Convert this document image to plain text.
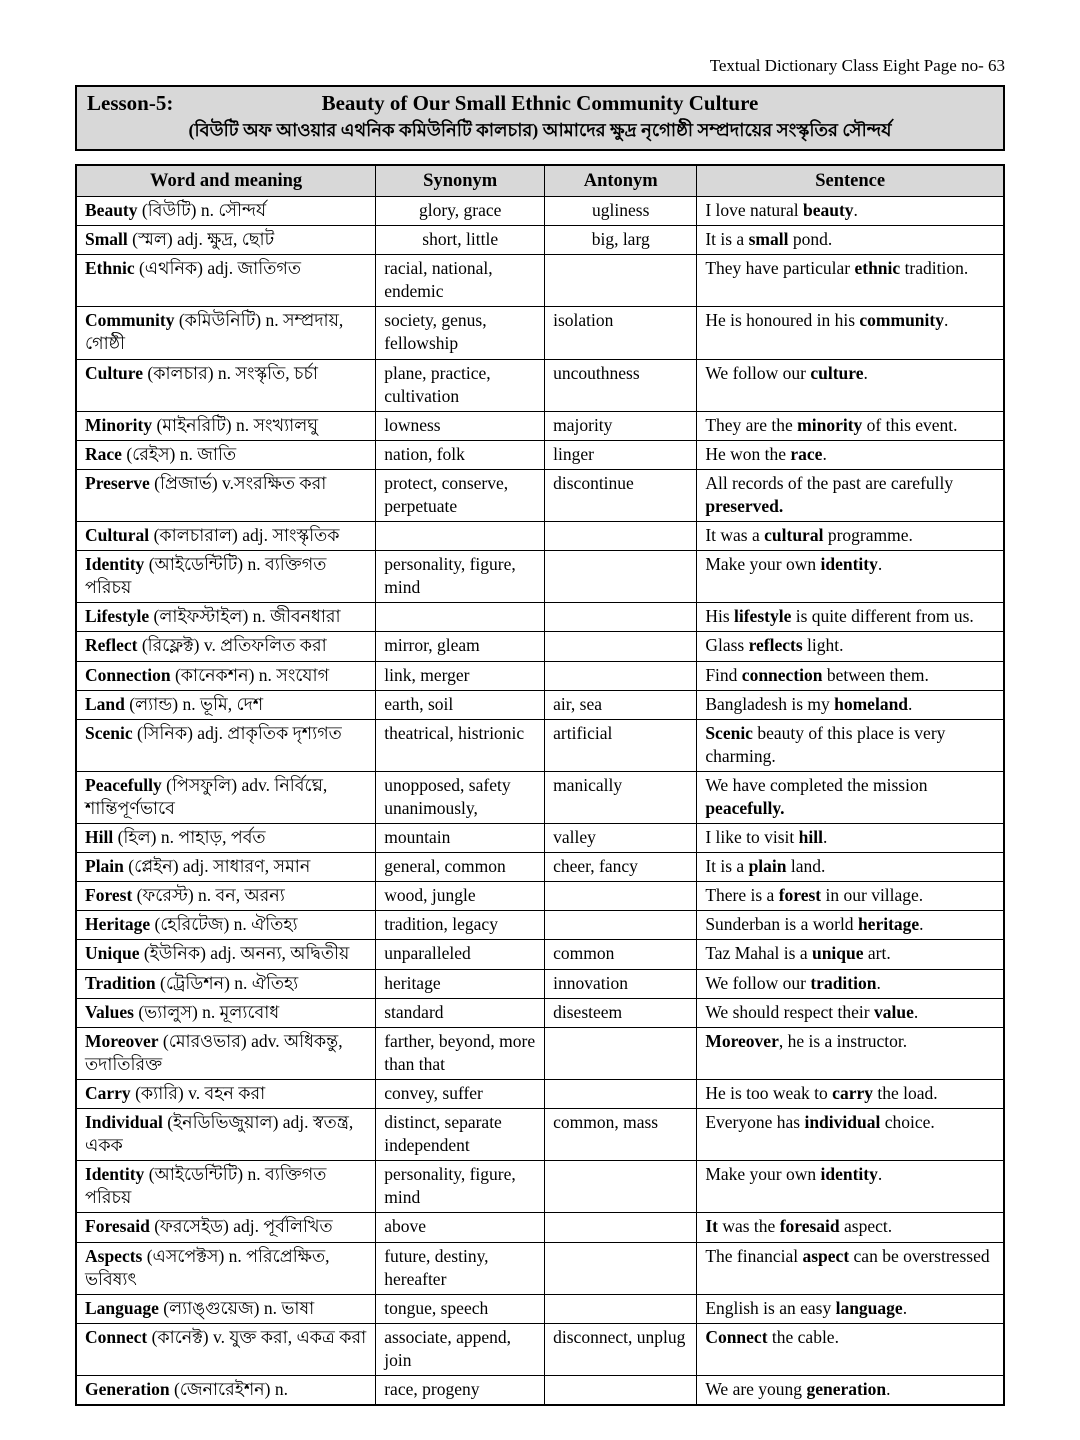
Textual Dictionary Class Eight Page no- 63
Lesson-5:	Beauty of Our Small Ethnic Community Culture
(বিউটি অফ আওয়ার এথনিক কমিউনিটি কালচার) আমাদের ক্ষুদ্র নৃগোষ্ঠী সম্প্রদায়ের সংস্কৃতির সৌন্দর্য
Word and meaning	Synonym	Antonym	Sentence
Beauty (বিউটি) n. সৌন্দর্য	glory, grace	ugliness	I love natural beauty.
Small (স্মল) adj. ক্ষুদ্র, ছোট	short, little	big, larg	It is a small pond.
Ethnic (এথনিক) adj. জাতিগত	racial, national, endemic		They have particular ethnic tradition.
Community (কমিউনিটি) n. সম্প্রদায়, গোষ্ঠী	society, genus, fellowship	isolation	He is honoured in his community.
Culture (কালচার) n. সংস্কৃতি, চর্চা	plane, practice, cultivation	uncouthness	We follow our culture.
Minority (মাইনরিটি) n. সংখ্যালঘু	lowness	majority	They are the minority of this event.
Race (রেইস) n. জাতি	nation, folk	linger	He won the race.
Preserve (প্রিজার্ভ) v.সংরক্ষিত করা	protect, conserve, perpetuate	discontinue	All records of the past are carefully preserved.
Cultural (কালচারাল) adj. সাংস্কৃতিক			It was a cultural programme.
Identity (আইডেন্টিটি) n. ব্যক্তিগত পরিচয়	personality, figure, mind		Make your own identity.
Lifestyle (লাইফস্টাইল) n. জীবনধারা			His lifestyle is quite different from us.
Reflect (রিফ্লেক্ট) v. প্রতিফলিত করা	mirror, gleam		Glass reflects light.
Connection (কানেকশন) n. সংযোগ	link, merger		Find connection between them.
Land (ল্যান্ড) n. ভূমি, দেশ	earth, soil	air, sea	Bangladesh is my homeland.
Scenic (সিনিক) adj. প্রাকৃতিক দৃশ্যগত	theatrical, histrionic	artificial	Scenic beauty of this place is very charming.
Peacefully (পিসফুলি) adv. নির্বিঘ্নে, শান্তিপূর্ণভাবে	unopposed, safety unanimously,	manically	We have completed the mission peacefully.
Hill (হিল) n. পাহাড়, পর্বত	mountain	valley	I like to visit hill.
Plain (প্লেইন) adj. সাধারণ, সমান	general, common	cheer, fancy	It is a plain land.
Forest (ফরেস্ট) n. বন, অরন্য	wood, jungle		There is a forest in our village.
Heritage (হেরিটেজ) n. ঐতিহ্য	tradition, legacy		Sunderban is a world heritage.
Unique (ইউনিক) adj. অনন্য, অদ্বিতীয়	unparalleled	common	Taz Mahal is a unique art.
Tradition (ট্রেডিশন) n. ঐতিহ্য	heritage	innovation	We follow our tradition.
Values (ভ্যালুস) n. মূল্যবোধ	standard	disesteem	We should respect their value.
Moreover (মোরওভার) adv. অধিকন্তু, তদাতিরিক্ত	farther, beyond, more than that		Moreover, he is a instructor.
Carry (ক্যারি) v. বহন করা	convey, suffer		He is too weak to carry the load.
Individual (ইনডিভিজুয়াল) adj. স্বতন্ত্র, একক	distinct, separate independent	common, mass	Everyone has individual choice.
Identity (আইডেন্টিটি) n. ব্যক্তিগত পরিচয়	personality, figure, mind		Make your own identity.
Foresaid (ফরসেইড) adj. পূর্বলিখিত	above		It was the foresaid aspect.
Aspects (এসপেক্টস) n. পরিপ্রেক্ষিত, ভবিষ্যৎ	future, destiny, hereafter		The financial aspect can be overstressed
Language (ল্যাঙ্গুয়েজ) n. ভাষা	tongue, speech		English is an easy language.
Connect (কানেক্ট) v. যুক্ত করা, একত্র করা	associate, append, join	disconnect, unplug	Connect the cable.
Generation (জেনারেইশন) n.	race, progeny		We are young generation.
